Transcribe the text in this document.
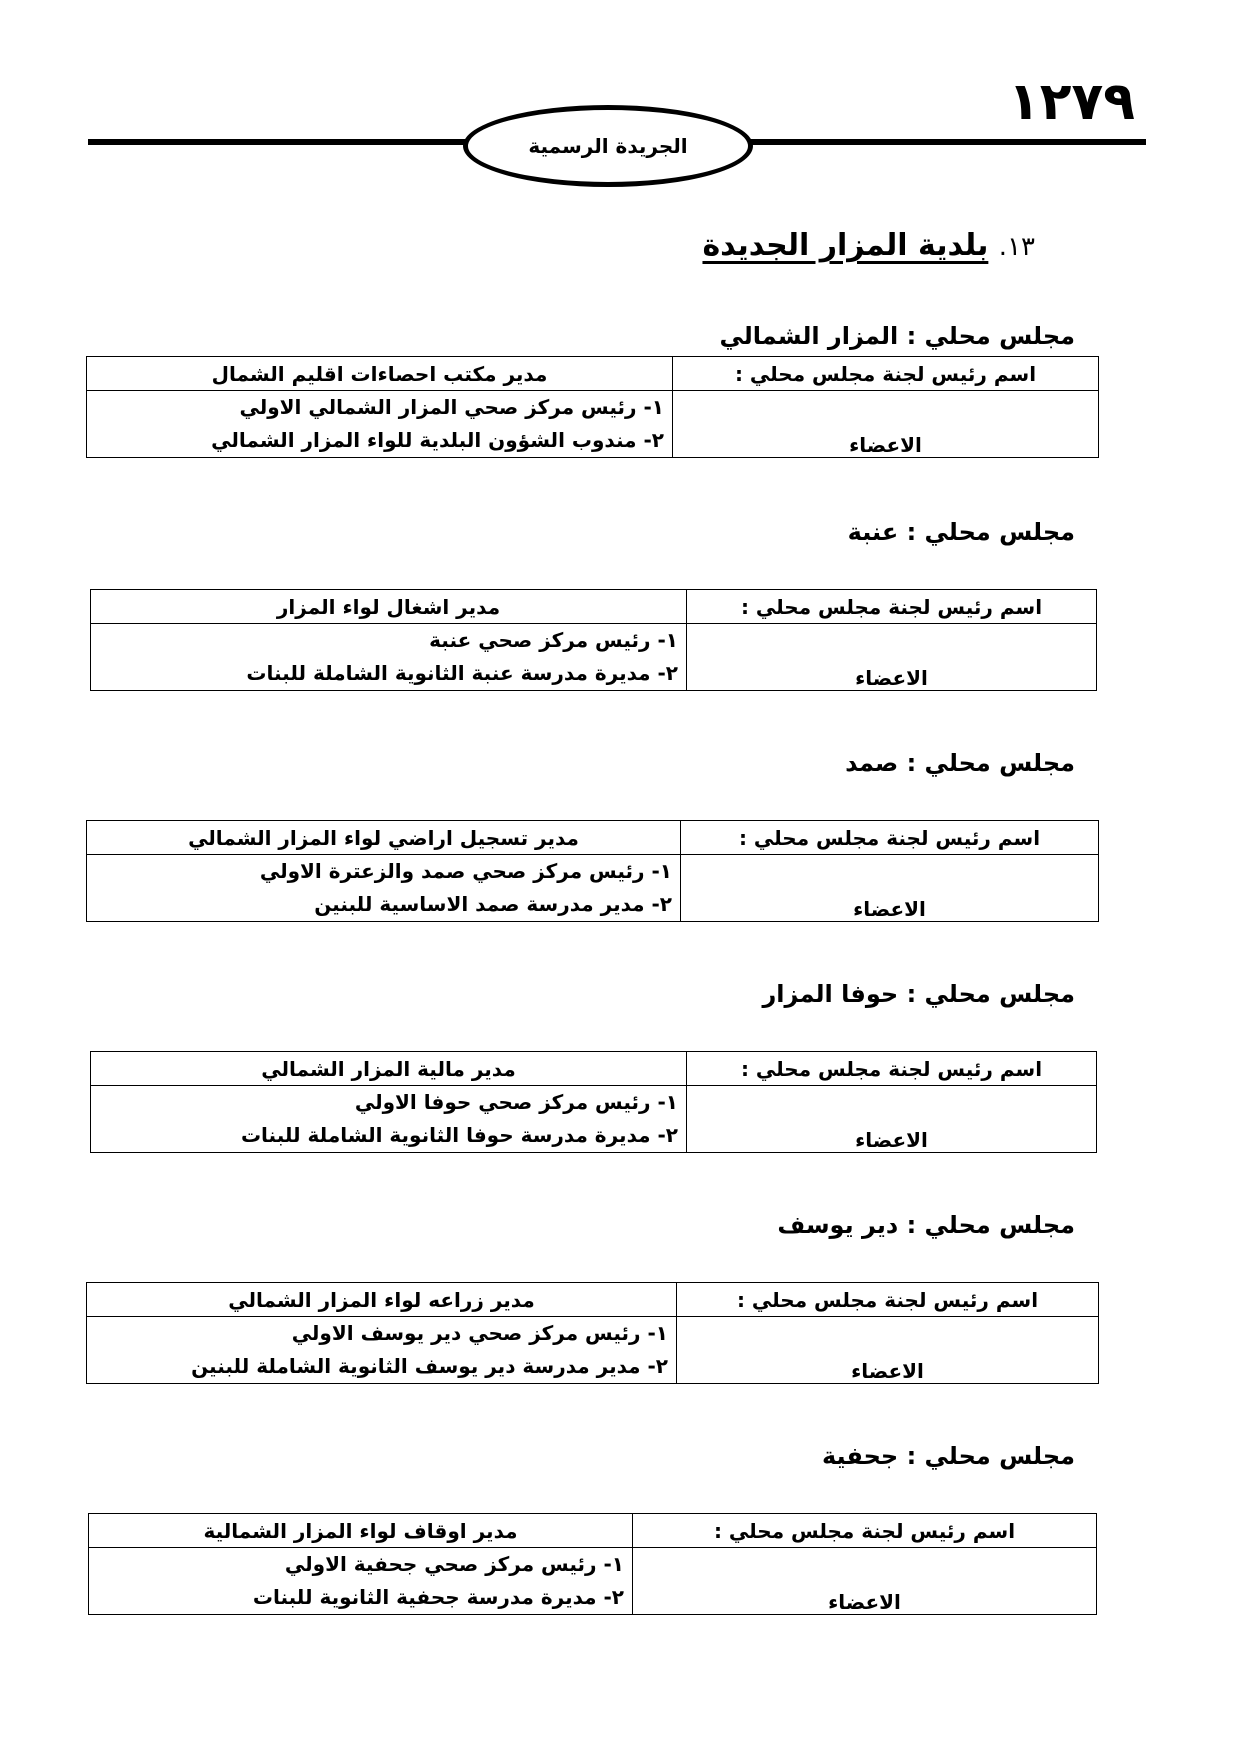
١٢٧٩
الجريدة الرسمية
١٣. بلدية المزار الجديدة
مجلس محلي : المزار الشمالي
اسم رئيس لجنة مجلس محلي :	مدير مكتب احصاءات اقليم الشمال
الاعضاء	١- رئيس مركز صحي المزار الشمالي الاولي
٢- مندوب الشؤون البلدية للواء المزار الشمالي
مجلس محلي : عنبة
اسم رئيس لجنة مجلس محلي :	مدير اشغال لواء المزار
الاعضاء	١- رئيس مركز صحي عنبة
٢- مديرة مدرسة عنبة الثانوية الشاملة للبنات
مجلس محلي : صمد
اسم رئيس لجنة مجلس محلي :	مدير تسجيل اراضي لواء المزار الشمالي
الاعضاء	١- رئيس مركز صحي صمد والزعترة الاولي
٢- مدير مدرسة صمد الاساسية للبنين
مجلس محلي : حوفا المزار
اسم رئيس لجنة مجلس محلي :	مدير مالية المزار الشمالي
الاعضاء	١- رئيس مركز صحي حوفا الاولي
٢- مديرة مدرسة حوفا الثانوية الشاملة للبنات
مجلس محلي : دير يوسف
اسم رئيس لجنة مجلس محلي :	مدير زراعه لواء المزار الشمالي
الاعضاء	١- رئيس مركز صحي دير يوسف الاولي
٢- مدير مدرسة دير يوسف الثانوية الشاملة للبنين
مجلس محلي : جحفية
اسم رئيس لجنة مجلس محلي :	مدير اوقاف لواء المزار الشمالية
الاعضاء	١- رئيس مركز صحي جحفية الاولي
٢- مديرة مدرسة جحفية الثانوية للبنات
